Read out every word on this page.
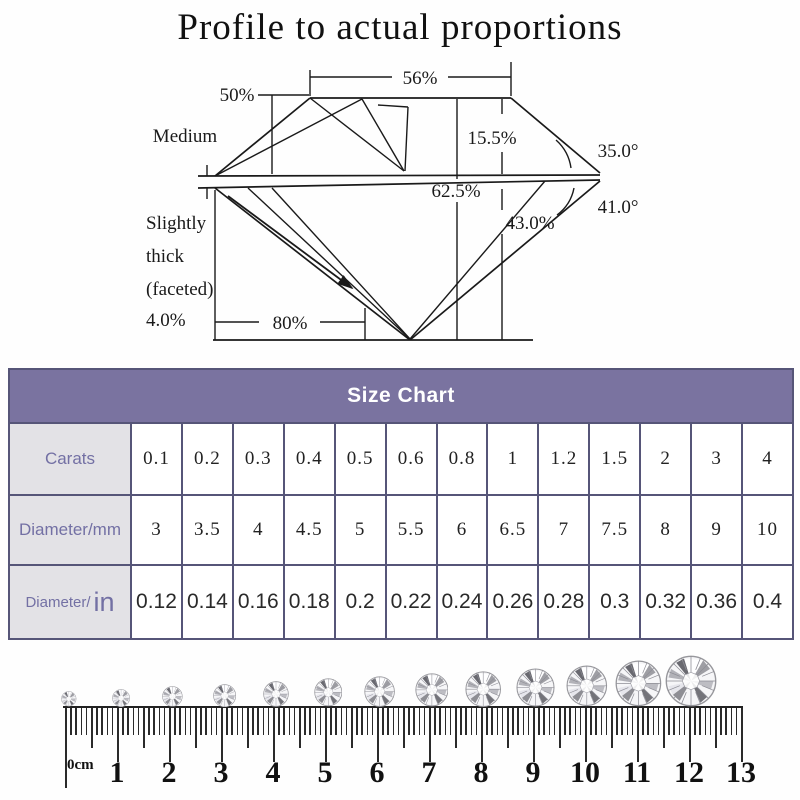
Profile to actual proportions
56%
50%
Medium	15.5%
35.0°
62.5%
41.0°
43.0%
Slightly
thick
(faceted)
4.0%	80%
Size Chart
Carats	0.1	0.2	0.3	0.4	0.5	0.6	0.8	1	1.2	1.5	2	3	4
Diameter/mm	3	3.5	4	4.5	5	5.5	6	6.5	7	7.5	8	9	10
Diameter/ in 0.12 0.14 0.16 0.18 0.2 0.22 0.24 0.26 0.28 0.3 0.32 0.36 0.4
0cm 1	2	3	4	5	6	7	8	9 10 11 12 13
